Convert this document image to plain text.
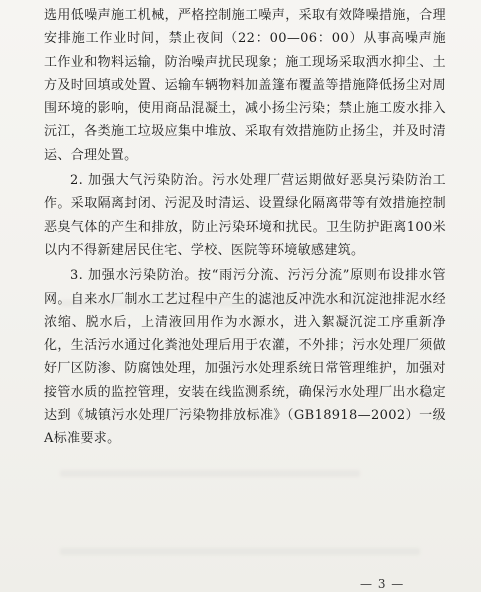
选用低噪声施工机械，严格控制施工噪声，采取有效降噪措施，合理安排施工作业时间，禁止夜间（22：00—06：00）从事高噪声施工作业和物料运输，防治噪声扰民现象；施工现场采取洒水抑尘、土方及时回填或处置、运输车辆物料加盖篷布覆盖等措施降低扬尘对周围环境的影响，使用商品混凝土，减小扬尘污染；禁止施工废水排入沅江，各类施工垃圾应集中堆放、采取有效措施防止扬尘，并及时清运、合理处置。

2. 加强大气污染防治。污水处理厂营运期做好恶臭污染防治工作。采取隔离封闭、污泥及时清运、设置绿化隔离带等有效措施控制恶臭气体的产生和排放，防止污染环境和扰民。卫生防护距离100米以内不得新建居民住宅、学校、医院等环境敏感建筑。

3. 加强水污染防治。按“雨污分流、污污分流”原则布设排水管网。自来水厂制水工艺过程中产生的滤池反冲洗水和沉淀池排泥水经浓缩、脱水后，上清液回用作为水源水，进入絮凝沉淀工序重新净化，生活污水通过化粪池处理后用于农灌，不外排；污水处理厂须做好厂区防渗、防腐蚀处理，加强污水处理系统日常管理维护，加强对接管水质的监控管理，安装在线监测系统，确保污水处理厂出水稳定达到《城镇污水处理厂污染物排放标准》（GB18918—2002）一级A标准要求。

— 3 —
